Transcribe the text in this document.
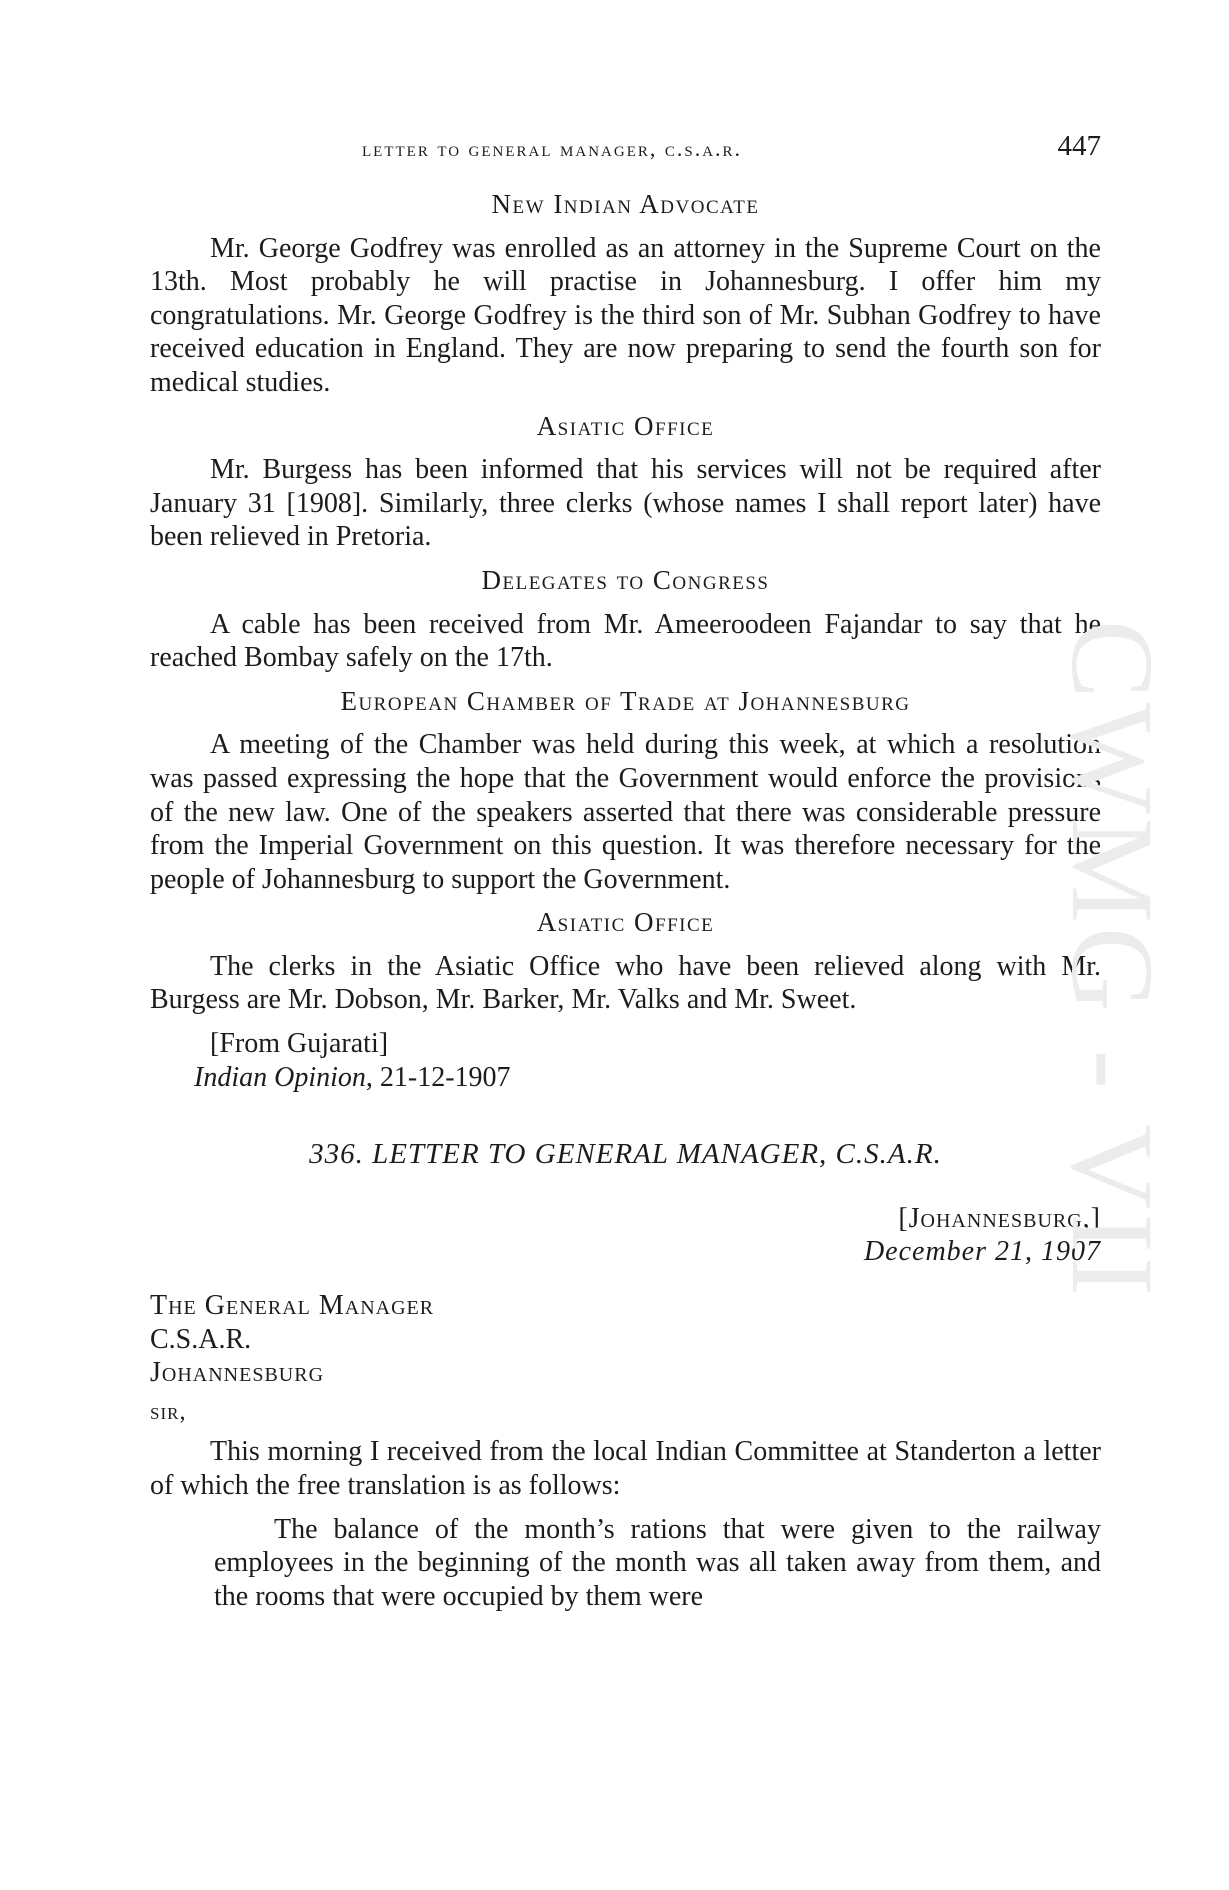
letter to general manager, c.s.a.r.	447
New Indian Advocate

Mr. George Godfrey was enrolled as an attorney in the Supreme Court on the 13th. Most probably he will practise in Johannesburg. I offer him my congratulations. Mr. George Godfrey is the third son of Mr. Subhan Godfrey to have received education in England. They are now preparing to send the fourth son for medical studies.

Asiatic Office

Mr. Burgess has been informed that his services will not be required after January 31 [1908]. Similarly, three clerks (whose names I shall report later) have been relieved in Pretoria.

Delegates to Congress

A cable has been received from Mr. Ameeroodeen Fajandar to say that he reached Bombay safely on the 17th.

European Chamber of Trade at Johannesburg

A meeting of the Chamber was held during this week, at which a resolution was passed expressing the hope that the Government would enforce the provisions of the new law. One of the speakers asserted that there was considerable pressure from the Imperial Government on this question. It was therefore necessary for the people of Johannesburg to support the Government.

Asiatic Office

The clerks in the Asiatic Office who have been relieved along with Mr. Burgess are Mr. Dobson, Mr. Barker, Mr. Valks and Mr. Sweet.

[From Gujarati]

Indian Opinion, 21-12-1907

336. LETTER TO GENERAL MANAGER, C.S.A.R.

[Johannesburg,]

December 21, 1907

The General Manager

C.S.A.R.

Johannesburg

sir,

This morning I received from the local Indian Committee at Standerton a letter of which the free translation is as follows:

The balance of the month’s rations that were given to the railway employees in the beginning of the month was all taken away from them, and the rooms that were occupied by them were

CWMG - VII
